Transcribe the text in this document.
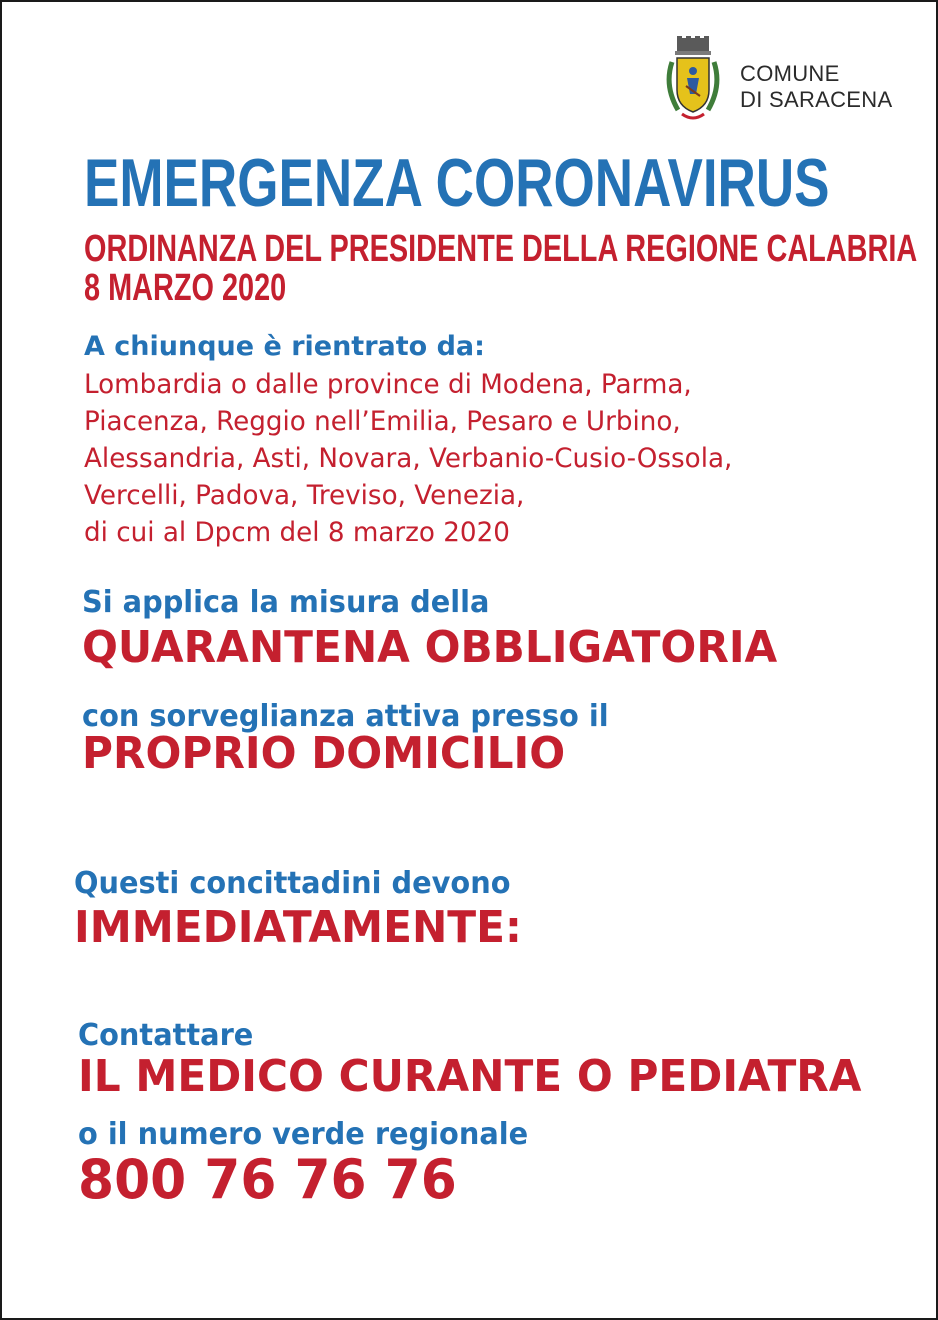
COMUNE
DI SARACENA
EMERGENZA CORONAVIRUS
ORDINANZA DEL PRESIDENTE DELLA REGIONE CALABRIA
8 MARZO 2020
A chiunque è rientrato da:
Lombardia o dalle province di Modena, Parma,
Piacenza, Reggio nell’Emilia, Pesaro e Urbino,
Alessandria, Asti, Novara, Verbanio-Cusio-Ossola,
Vercelli, Padova, Treviso, Venezia,
di cui al Dpcm del 8 marzo 2020
Si applica la misura della
QUARANTENA OBBLIGATORIA
con sorveglianza attiva presso il
PROPRIO DOMICILIO
Questi concittadini devono
IMMEDIATAMENTE:
Contattare
IL MEDICO CURANTE O PEDIATRA
o il numero verde regionale
800 76 76 76
